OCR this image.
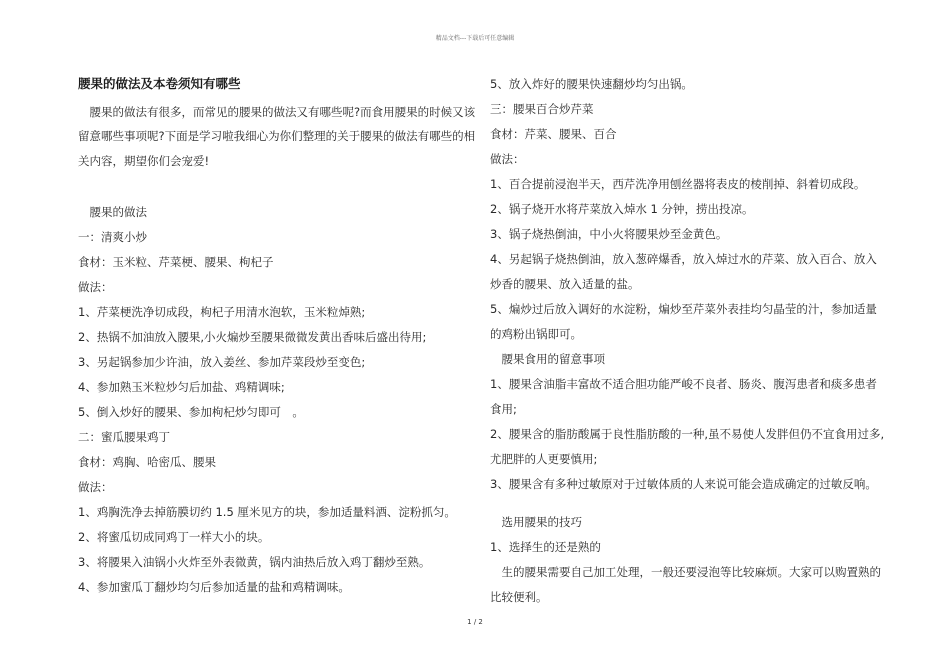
精品文档---下载后可任意编辑
腰果的做法及本卷须知有哪些
　腰果的做法有很多，而常见的腰果的做法又有哪些呢?而食用腰果的时候又该
留意哪些事项呢?下面是学习啦我细心为你们整理的关于腰果的做法有哪些的相
关内容，期望你们会宠爱!
　腰果的做法
一：清爽小炒
食材：玉米粒、芹菜梗、腰果、枸杞子
做法：
1、芹菜梗洗净切成段，枸杞子用清水泡软，玉米粒焯熟;
2、热锅不加油放入腰果,小火煸炒至腰果微微发黄出香味后盛出待用;
3、另起锅参加少许油，放入姜丝、参加芹菜段炒至变色;
4、参加熟玉米粒炒匀后加盐、鸡精调味;
5、倒入炒好的腰果、参加枸杞炒匀即可　。
二：蜜瓜腰果鸡丁
食材：鸡胸、哈密瓜、腰果
做法：
1、鸡胸洗净去掉筋膜切约 1.5 厘米见方的块，参加适量料酒、淀粉抓匀。
2、将蜜瓜切成同鸡丁一样大小的块。
3、将腰果入油锅小火炸至外表微黄，锅内油热后放入鸡丁翻炒至熟。
4、参加蜜瓜丁翻炒均匀后参加适量的盐和鸡精调味。
5、放入炸好的腰果快速翻炒均匀出锅。
三：腰果百合炒芹菜
食材：芹菜、腰果、百合
做法：
1、百合提前浸泡半天，西芹洗净用刨丝器将表皮的棱削掉、斜着切成段。
2、锅子烧开水将芹菜放入焯水 1 分钟，捞出投凉。
3、锅子烧热倒油，中小火将腰果炒至金黄色。
4、另起锅子烧热倒油，放入葱碎爆香，放入焯过水的芹菜、放入百合、放入
炒香的腰果、放入适量的盐。
5、煸炒过后放入调好的水淀粉，煸炒至芹菜外表挂均匀晶莹的汁，参加适量
的鸡粉出锅即可。
　腰果食用的留意事项
1、腰果含油脂丰富故不适合胆功能严峻不良者、肠炎、腹泻患者和痰多患者
食用;
2、腰果含的脂肪酸属于良性脂肪酸的一种,虽不易使人发胖但仍不宜食用过多,
尤肥胖的人更要慎用;
3、腰果含有多种过敏原对于过敏体质的人来说可能会造成确定的过敏反响。
　选用腰果的技巧
1、选择生的还是熟的
　生的腰果需要自己加工处理，一般还要浸泡等比较麻烦。大家可以购置熟的
比较便利。
1 / 2
